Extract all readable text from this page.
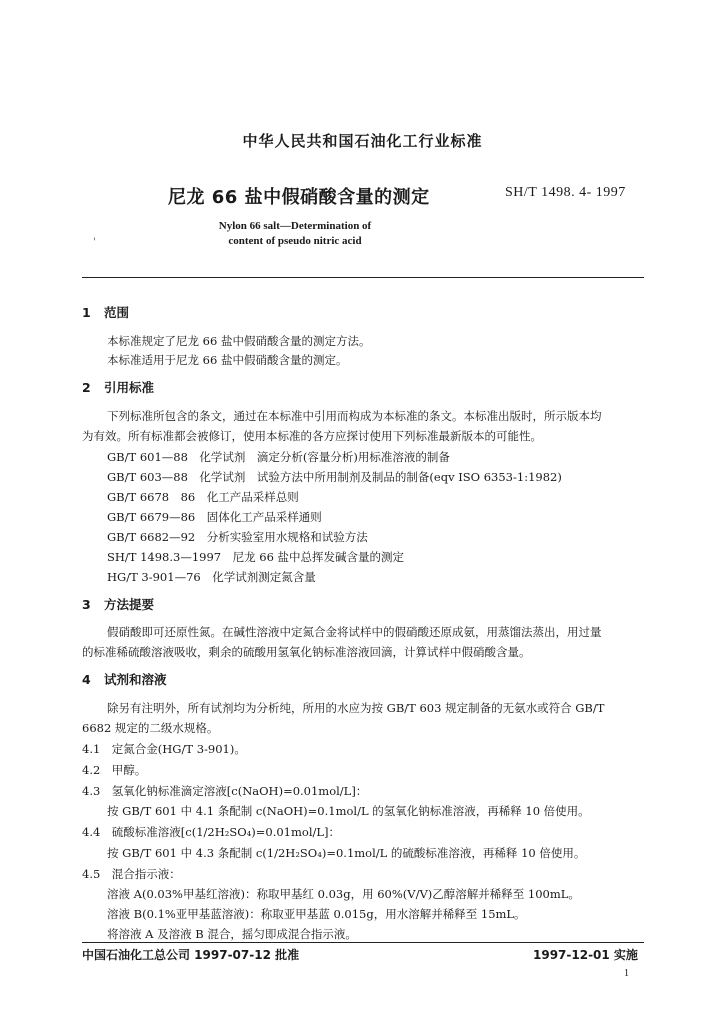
中华人民共和国石油化工行业标准
尼龙 66 盐中假硝酸含量的测定	SH/T 1498. 4- 1997
Nylon 66 salt—Determination of
content of pseudo nitric acid
'
1 范围
本标准规定了尼龙 66 盐中假硝酸含量的测定方法。
本标准适用于尼龙 66 盐中假硝酸含量的测定。
2 引用标准
下列标准所包含的条文，通过在本标准中引用而构成为本标准的条文。本标准出版时，所示版本均
为有效。所有标准都会被修订，使用本标准的各方应探讨使用下列标准最新版本的可能性。
GB/T 601—88　化学试剂　滴定分析(容量分析)用标准溶液的制备
GB/T 603—88　化学试剂　试验方法中所用制剂及制品的制备(eqv ISO 6353-1:1982)
GB/T 6678　86　化工产品采样总则
GB/T 6679—86　固体化工产品采样通则
GB/T 6682—92　分析实验室用水规格和试验方法
SH/T 1498.3—1997　尼龙 66 盐中总挥发碱含量的测定
HG/T 3-901—76　化学试剂测定氮含量
3 方法提要
假硝酸即可还原性氮。在碱性溶液中定氮合金将试样中的假硝酸还原成氨，用蒸馏法蒸出，用过量
的标准稀硫酸溶液吸收，剩余的硫酸用氢氧化钠标准溶液回滴，计算试样中假硝酸含量。
4 试剂和溶液
除另有注明外，所有试剂均为分析纯，所用的水应为按 GB/T 603 规定制备的无氨水或符合 GB/T
6682 规定的二级水规格。
4.1　定氮合金(HG/T 3-901)。
4.2　甲醇。
4.3　氢氧化钠标准滴定溶液[c(NaOH)=0.01mol/L]：
按 GB/T 601 中 4.1 条配制 c(NaOH)=0.1mol/L 的氢氧化钠标准溶液，再稀释 10 倍使用。
4.4　硫酸标准溶液[c(1/2H₂SO₄)=0.01mol/L]：
按 GB/T 601 中 4.3 条配制 c(1/2H₂SO₄)=0.1mol/L 的硫酸标准溶液，再稀释 10 倍使用。
4.5　混合指示液：
溶液 A(0.03%甲基红溶液)：称取甲基红 0.03g，用 60%(V/V)乙醇溶解并稀释至 100mL。
溶液 B(0.1%亚甲基蓝溶液)：称取亚甲基蓝 0.015g，用水溶解并稀释至 15mL。
将溶液 A 及溶液 B 混合，摇匀即成混合指示液。
中国石油化工总公司 1997-07-12 批准	1997-12-01 实施
1
